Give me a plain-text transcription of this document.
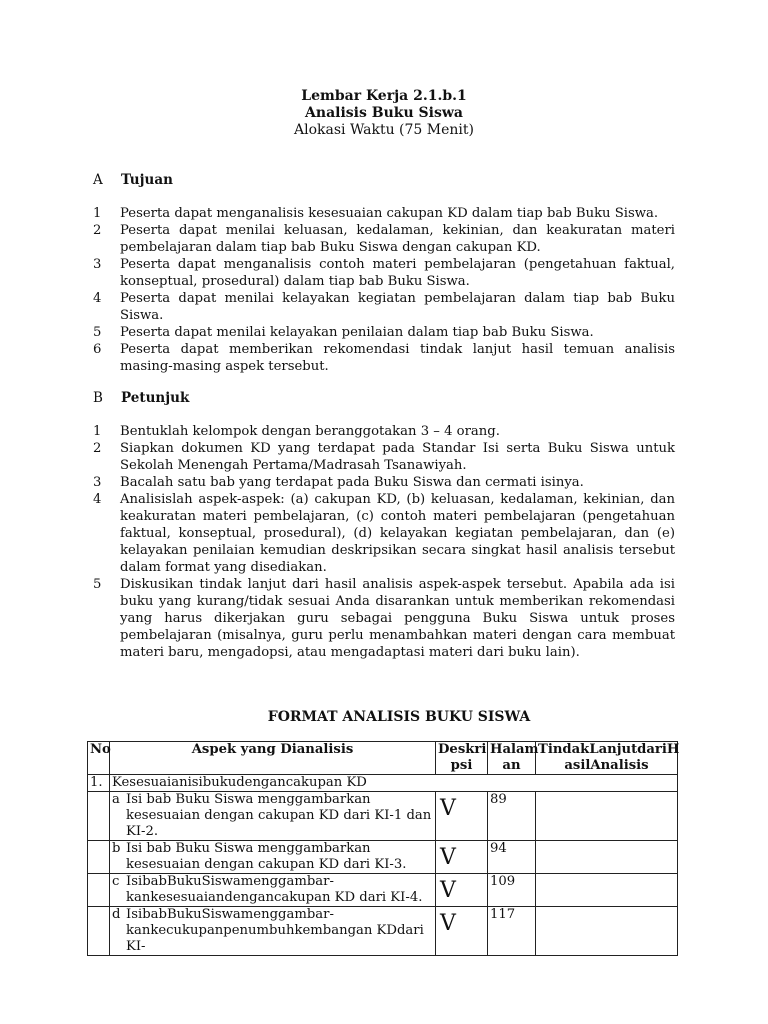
Lembar Kerja 2.1.b.1
Analisis Buku Siswa
Alokasi Waktu (75 Menit)
A Tujuan
1	Peserta dapat menganalisis kesesuaian cakupan KD dalam tiap bab Buku Siswa.
2	Peserta dapat menilai keluasan, kedalaman, kekinian, dan keakuratan materi pembelajaran dalam tiap bab Buku Siswa dengan cakupan KD.
3	Peserta dapat menganalisis contoh materi pembelajaran (pengetahuan faktual, konseptual, prosedural) dalam tiap bab Buku Siswa.
4	Peserta dapat menilai kelayakan kegiatan pembelajaran dalam tiap bab Buku Siswa.
5	Peserta dapat menilai kelayakan penilaian dalam tiap bab Buku Siswa.
6	Peserta dapat memberikan rekomendasi tindak lanjut hasil temuan analisis masing-masing aspek tersebut.
B Petunjuk
1	Bentuklah kelompok dengan beranggotakan 3 – 4 orang.
2	Siapkan dokumen KD yang terdapat pada Standar Isi serta Buku Siswa untuk Sekolah Menengah Pertama/Madrasah Tsanawiyah.
3	Bacalah satu bab yang terdapat pada Buku Siswa dan cermati isinya.
4	Analisislah aspek-aspek: (a) cakupan KD, (b) keluasan, kedalaman, kekinian, dan keakuratan materi pembelajaran, (c) contoh materi pembelajaran (pengetahuan faktual, konseptual, prosedural), (d) kelayakan kegiatan pembelajaran, dan (e) kelayakan penilaian kemudian deskripsikan secara singkat hasil analisis tersebut dalam format yang disediakan.
5	Diskusikan tindak lanjut dari hasil analisis aspek-aspek tersebut. Apabila ada isi buku yang kurang/tidak sesuai Anda disarankan untuk memberikan rekomendasi yang harus dikerjakan guru sebagai pengguna Buku Siswa untuk proses pembelajaran (misalnya, guru perlu menambahkan materi dengan cara membuat materi baru, mengadopsi, atau mengadaptasi materi dari buku lain).
FORMAT ANALISIS BUKU SISWA
No	Aspek yang Dianalisis	Deskri psi	Halam an	TindakLanjutdariH asilAnalisis
1.	Kesesuaianisibukudengancakupan KD			

	a Isi bab Buku Siswa menggambarkan kesesuaian dengan cakupan KD dari KI-1 dan KI-2.	V	89	

	b Isi bab Buku Siswa menggambarkan kesesuaian dengan cakupan KD dari KI-3.	V	94	

	c IsibabBukuSiswamenggambar-kankesesuaiandengancakupan KD dari KI-4.	V	109	

	d IsibabBukuSiswamenggambar-kankecukupanpenumbuhkembangan KDdari KI-	V	117	
